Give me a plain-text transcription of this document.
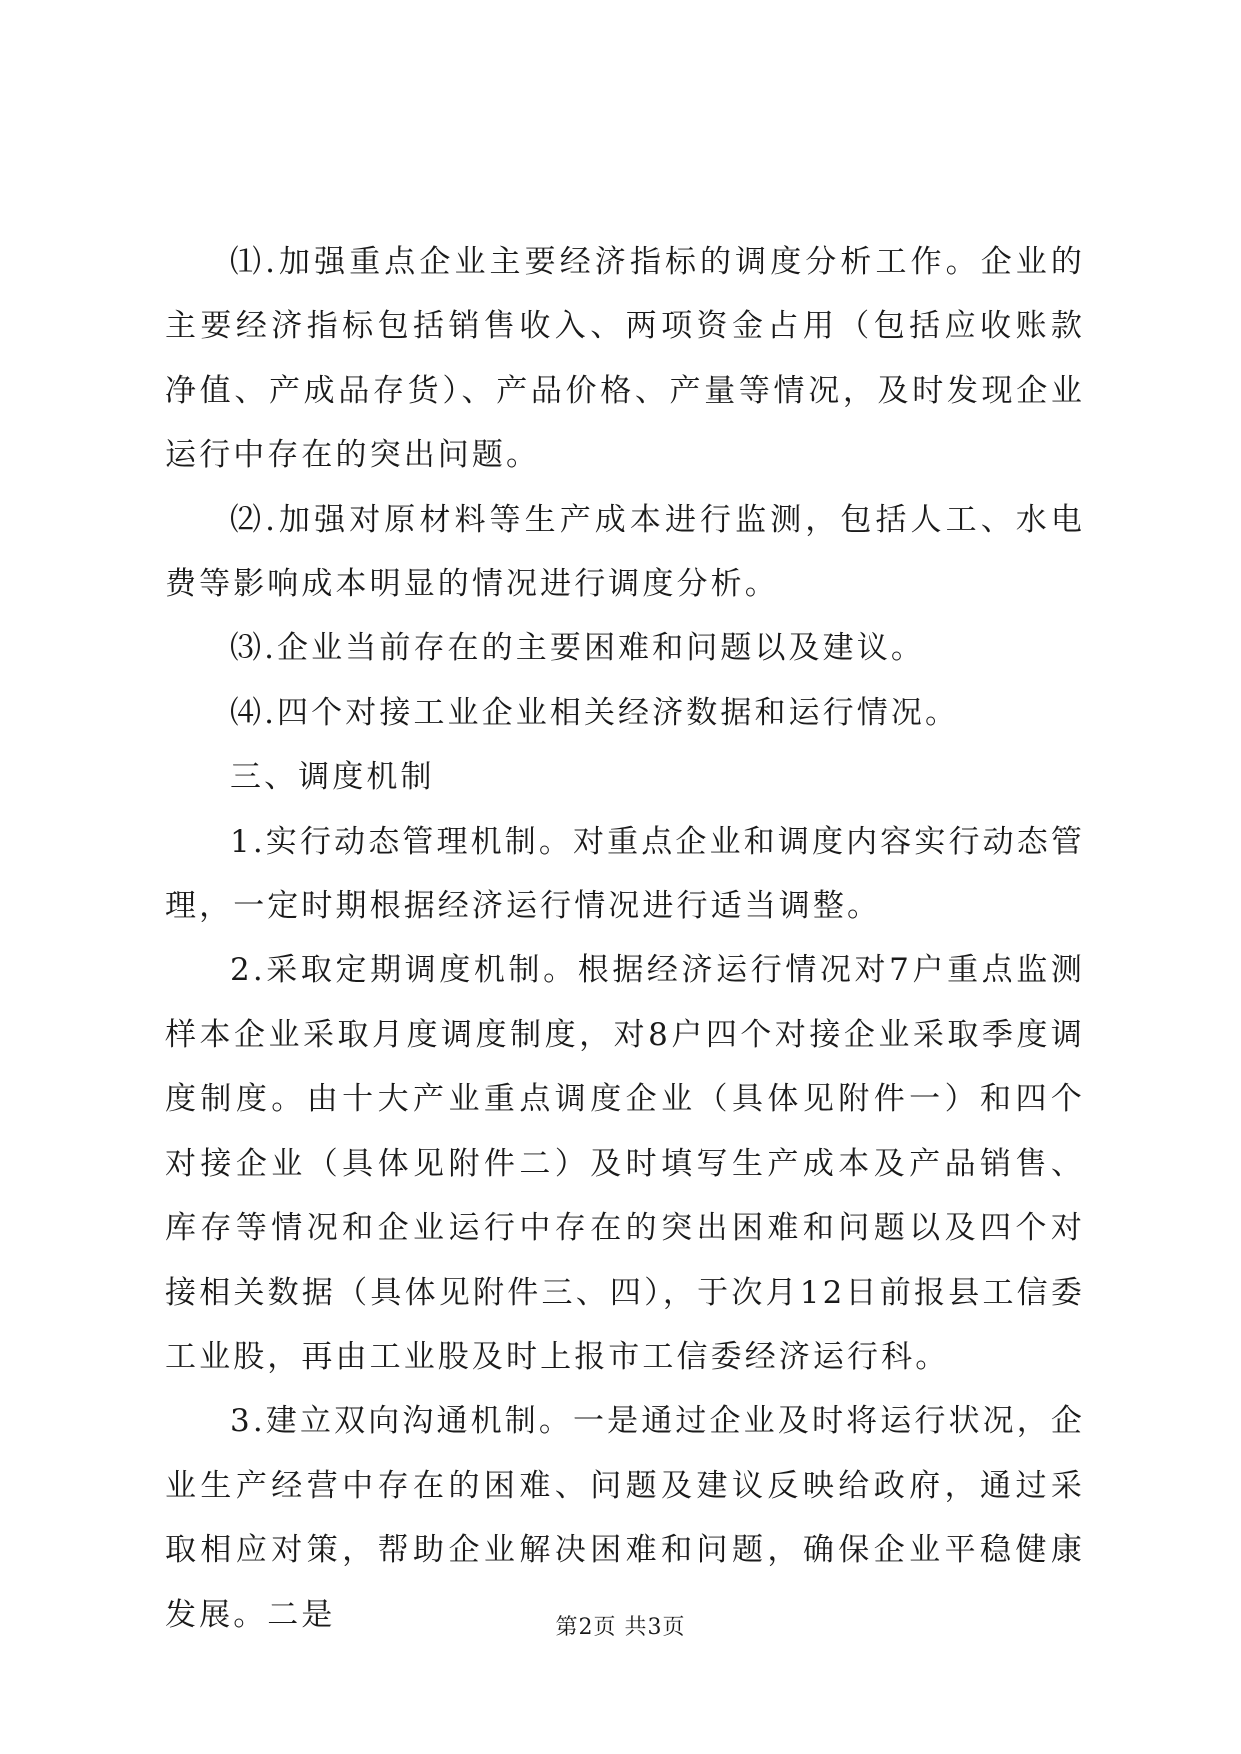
⑴.加强重点企业主要经济指标的调度分析工作。企业的主要经济指标包括销售收入、两项资金占用（包括应收账款净值、产成品存货）、产品价格、产量等情况，及时发现企业运行中存在的突出问题。

⑵.加强对原材料等生产成本进行监测，包括人工、水电费等影响成本明显的情况进行调度分析。

⑶.企业当前存在的主要困难和问题以及建议。

⑷.四个对接工业企业相关经济数据和运行情况。

三、调度机制

1.实行动态管理机制。对重点企业和调度内容实行动态管理，一定时期根据经济运行情况进行适当调整。

2.采取定期调度机制。根据经济运行情况对7户重点监测样本企业采取月度调度制度，对8户四个对接企业采取季度调度制度。由十大产业重点调度企业（具体见附件一）和四个对接企业（具体见附件二）及时填写生产成本及产品销售、库存等情况和企业运行中存在的突出困难和问题以及四个对接相关数据（具体见附件三、四），于次月12日前报县工信委工业股，再由工业股及时上报市工信委经济运行科。

3.建立双向沟通机制。一是通过企业及时将运行状况，企业生产经营中存在的困难、问题及建议反映给政府，通过采取相应对策，帮助企业解决困难和问题，确保企业平稳健康发展。二是	第2页 共3页
